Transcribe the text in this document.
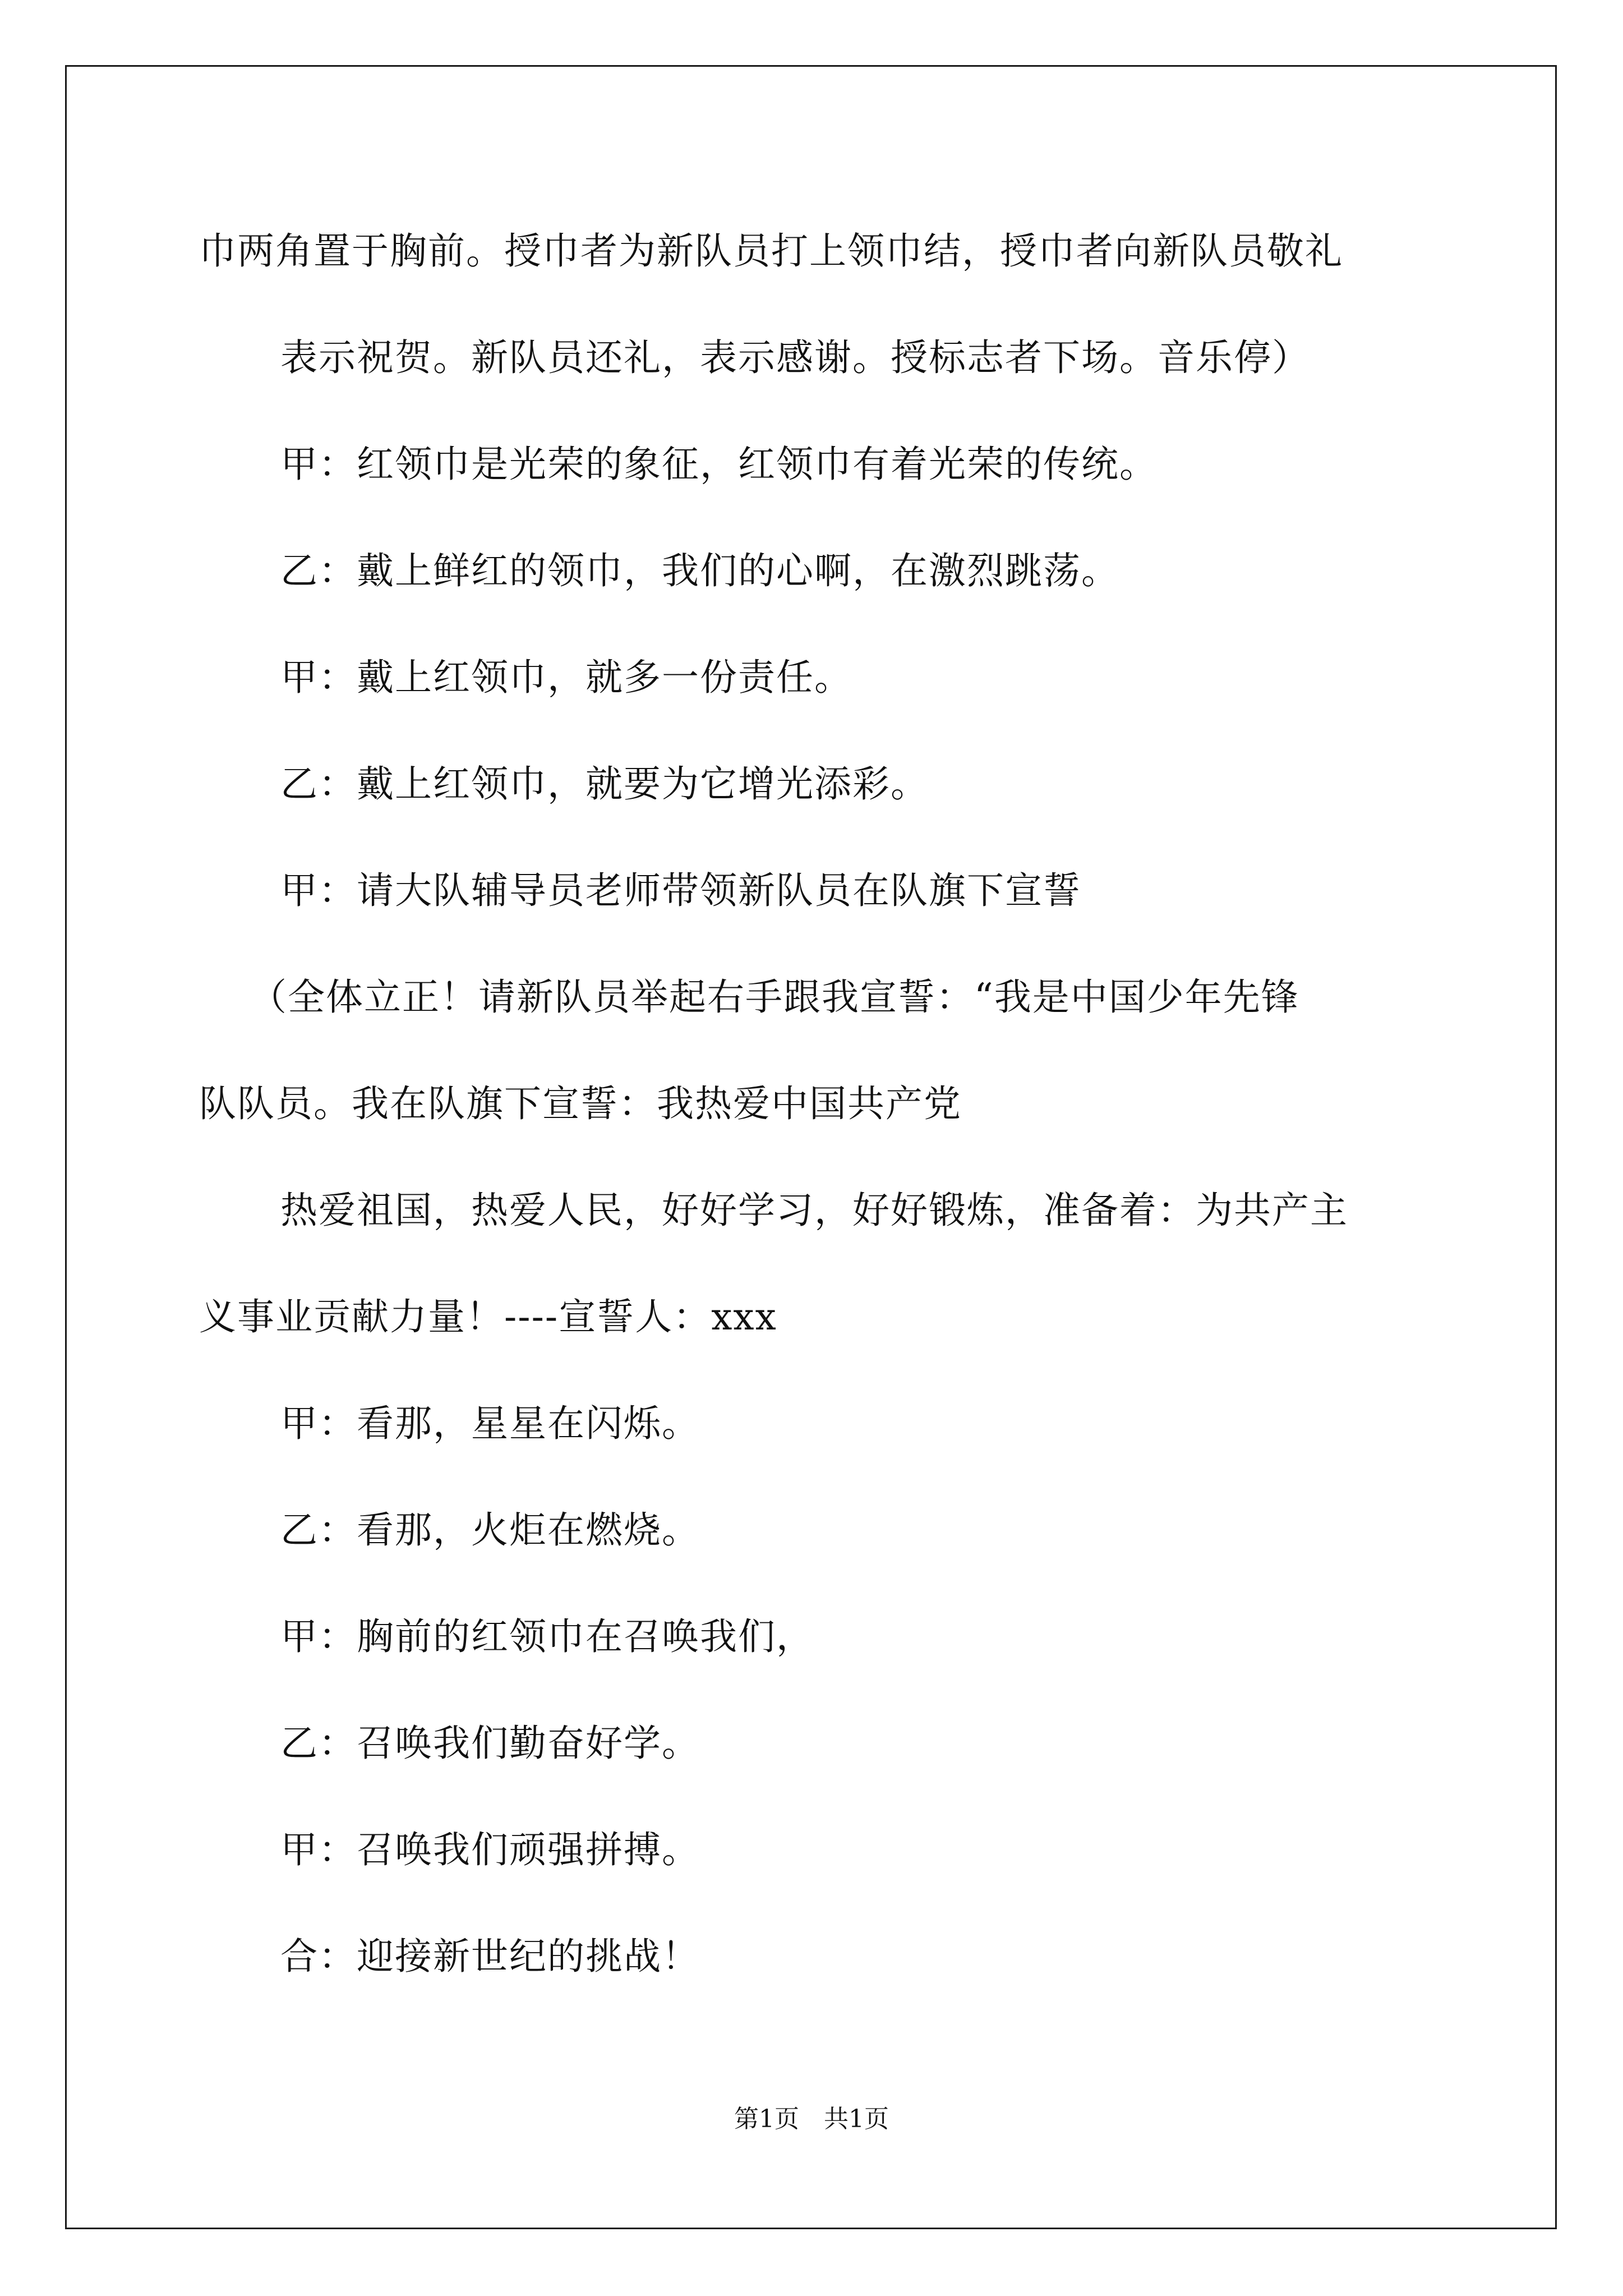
巾两角置于胸前。授巾者为新队员打上领巾结，授巾者向新队员敬礼
表示祝贺。新队员还礼，表示感谢。授标志者下场。音乐停）
甲：红领巾是光荣的象征，红领巾有着光荣的传统。
乙：戴上鲜红的领巾，我们的心啊，在激烈跳荡。
甲：戴上红领巾，就多一份责任。
乙：戴上红领巾，就要为它增光添彩。
甲：请大队辅导员老师带领新队员在队旗下宣誓
（全体立正！请新队员举起右手跟我宣誓：“我是中国少年先锋
队队员。我在队旗下宣誓：我热爱中国共产党
热爱祖国，热爱人民，好好学习，好好锻炼，准备着：为共产主
义事业贡献力量！----宣誓人：xxx
甲：看那，星星在闪烁。
乙：看那，火炬在燃烧。
甲：胸前的红领巾在召唤我们，
乙：召唤我们勤奋好学。
甲：召唤我们顽强拼搏。
合：迎接新世纪的挑战！
第1页　共1页
